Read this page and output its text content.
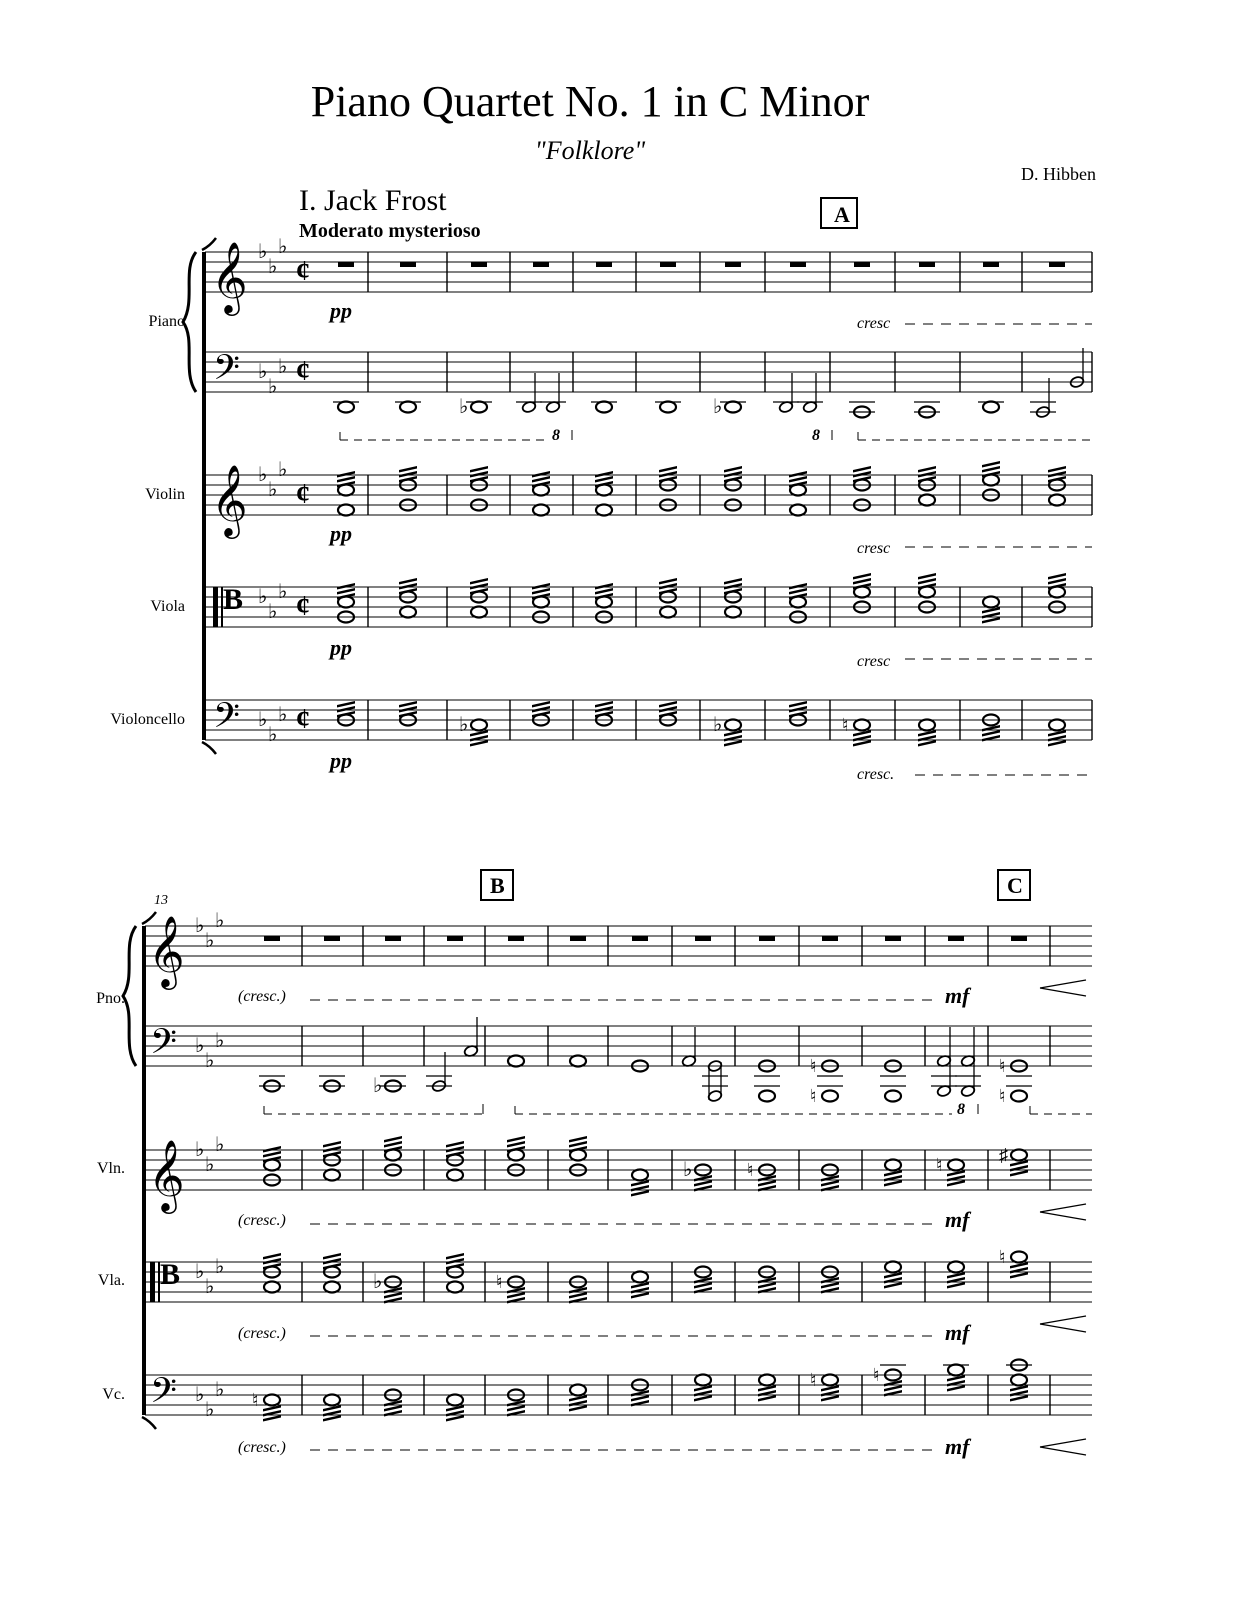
Piano Quartet No. 1 in C Minor
"Folklore"
D. Hibben
I. Jack Frost
Moderato mysterioso
Piano
Violin
Viola
Violoncello
Pno.
Vln.
Vla.
Vc.
𝄞 ♭
♭
♭
𝄢 ♭
♭
♭
𝄞 ♭
♭
♭
B ♭
♭
♭
𝄢 ♭
♭
♭
¢
¢
¢
¢
¢
♭	♭
♭	♭	♮
𝄞 ♭
♭
♭
𝄢 ♭
♭
♭
𝄞 ♭
♭
♭
B ♭
♭
♭
𝄢 ♭
♭
♭
♭
♮
♮
♮
♮
♭	♮	♮	♯
♭	♮
♮
♮
♮	♮
pp
pp
pp
pp
cresc
cresc
cresc
cresc.
8	8
A
13
B	C
(cresc.)
(cresc.)
(cresc.)
(cresc.)
mf
mf
mf
mf
8
